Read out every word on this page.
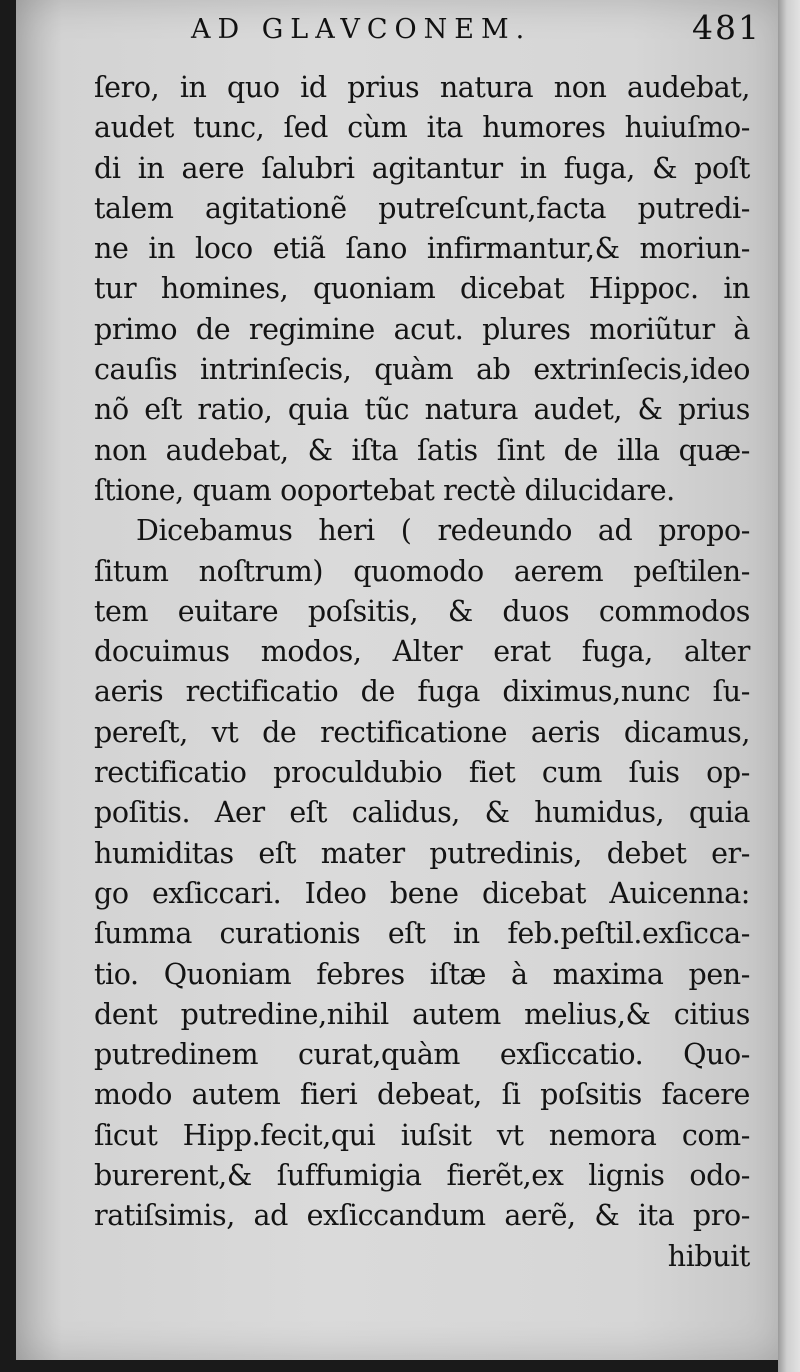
AD GLAVCONEM.	481
ſero, in quo id prius natura non audebat,
audet tunc, ſed cùm ita humores huiuſmo-
di in aere ſalubri agitantur in fuga, & poſt
talem agitationẽ putreſcunt,facta putredi-
ne in loco etiã ſano infirmantur,& moriun-
tur homines, quoniam dicebat Hippoc. in
primo de regimine acut. plures moriũtur à
cauſis intrinſecis, quàm ab extrinſecis,ideo
nõ eſt ratio, quia tũc natura audet, & prius
non audebat, & iſta ſatis ſint de illa quæ-
ſtione, quam ooportebat rectè dilucidare.
Dicebamus heri ( redeundo ad propo-
ſitum noſtrum) quomodo aerem peſtilen-
tem euitare poſsitis, & duos commodos
docuimus modos, Alter erat fuga, alter
aeris rectificatio de fuga diximus,nunc ſu-
pereſt, vt de rectificatione aeris dicamus,
rectificatio proculdubio fiet cum ſuis op-
poſitis. Aer eſt calidus, & humidus, quia
humiditas eſt mater putredinis, debet er-
go exſiccari. Ideo bene dicebat Auicenna:
ſumma curationis eſt in feb.peſtil.exſicca-
tio. Quoniam febres iſtæ à maxima pen-
dent putredine,nihil autem melius,& citius
putredinem curat,quàm exſiccatio. Quo-
modo autem fieri debeat, ſi poſsitis facere
ſicut Hipp.fecit,qui iuſsit vt nemora com-
burerent,& ſuffumigia fierẽt,ex lignis odo-
ratiſsimis, ad exſiccandum aerẽ, & ita pro-
hibuit
